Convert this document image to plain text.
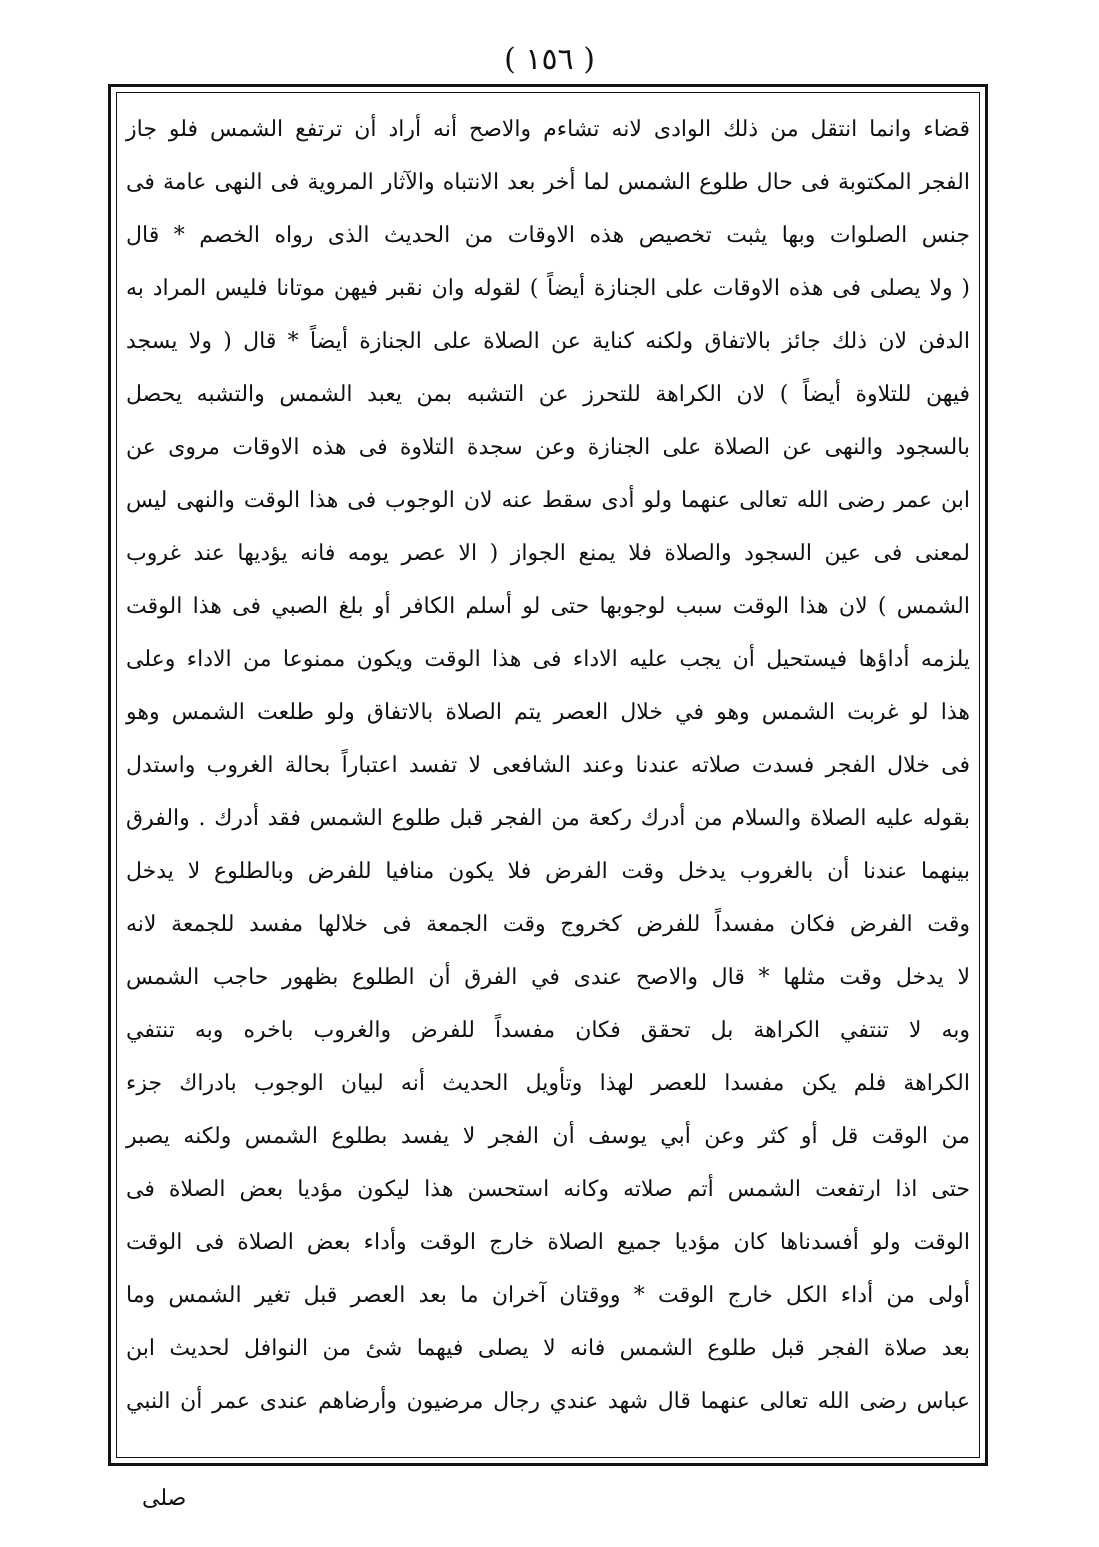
( ١٥٦ )
قضاء وانما انتقل من ذلك الوادى لانه تشاءم والاصح أنه أراد أن ترتفع الشمس فلو جاز
الفجر المكتوبة فى حال طلوع الشمس لما أخر بعد الانتباه والآثار المروية فى النهى عامة فى
جنس الصلوات وبها يثبت تخصيص هذه الاوقات من الحديث الذى رواه الخصم * قال
( ولا يصلى فى هذه الاوقات على الجنازة أيضاً ) لقوله وان نقبر فيهن موتانا فليس المراد به
الدفن لان ذلك جائز بالاتفاق ولكنه كناية عن الصلاة على الجنازة أيضاً * قال ( ولا يسجد
فيهن للتلاوة أيضاً ) لان الكراهة للتحرز عن التشبه بمن يعبد الشمس والتشبه يحصل
بالسجود والنهى عن الصلاة على الجنازة وعن سجدة التلاوة فى هذه الاوقات مروى عن
ابن عمر رضى الله تعالى عنهما ولو أدى سقط عنه لان الوجوب فى هذا الوقت والنهى ليس
لمعنى فى عين السجود والصلاة فلا يمنع الجواز ( الا عصر يومه فانه يؤديها عند غروب
الشمس ) لان هذا الوقت سبب لوجوبها حتى لو أسلم الكافر أو بلغ الصبي فى هذا الوقت
يلزمه أداؤها فيستحيل أن يجب عليه الاداء فى هذا الوقت ويكون ممنوعا من الاداء وعلى
هذا لو غربت الشمس وهو في خلال العصر يتم الصلاة بالاتفاق ولو طلعت الشمس وهو
فى خلال الفجر فسدت صلاته عندنا وعند الشافعى لا تفسد اعتباراً بحالة الغروب واستدل
بقوله عليه الصلاة والسلام من أدرك ركعة من الفجر قبل طلوع الشمس فقد أدرك . والفرق
بينهما عندنا أن بالغروب يدخل وقت الفرض فلا يكون منافيا للفرض وبالطلوع لا يدخل
وقت الفرض فكان مفسداً للفرض كخروج وقت الجمعة فى خلالها مفسد للجمعة لانه
لا يدخل وقت مثلها * قال والاصح عندى في الفرق أن الطلوع بظهور حاجب الشمس
وبه لا تنتفي الكراهة بل تحقق فكان مفسداً للفرض والغروب باخره وبه تنتفي
الكراهة فلم يكن مفسدا للعصر لهذا وتأويل الحديث أنه لبيان الوجوب بادراك جزء
من الوقت قل أو كثر وعن أبي يوسف أن الفجر لا يفسد بطلوع الشمس ولكنه يصبر
حتى اذا ارتفعت الشمس أتم صلاته وكانه استحسن هذا ليكون مؤديا بعض الصلاة فى
الوقت ولو أفسدناها كان مؤديا جميع الصلاة خارج الوقت وأداء بعض الصلاة فى الوقت
أولى من أداء الكل خارج الوقت * ووقتان آخران ما بعد العصر قبل تغير الشمس وما
بعد صلاة الفجر قبل طلوع الشمس فانه لا يصلى فيهما شئ من النوافل لحديث ابن
عباس رضى الله تعالى عنهما قال شهد عندي رجال مرضيون وأرضاهم عندى عمر أن النبي
صلى
